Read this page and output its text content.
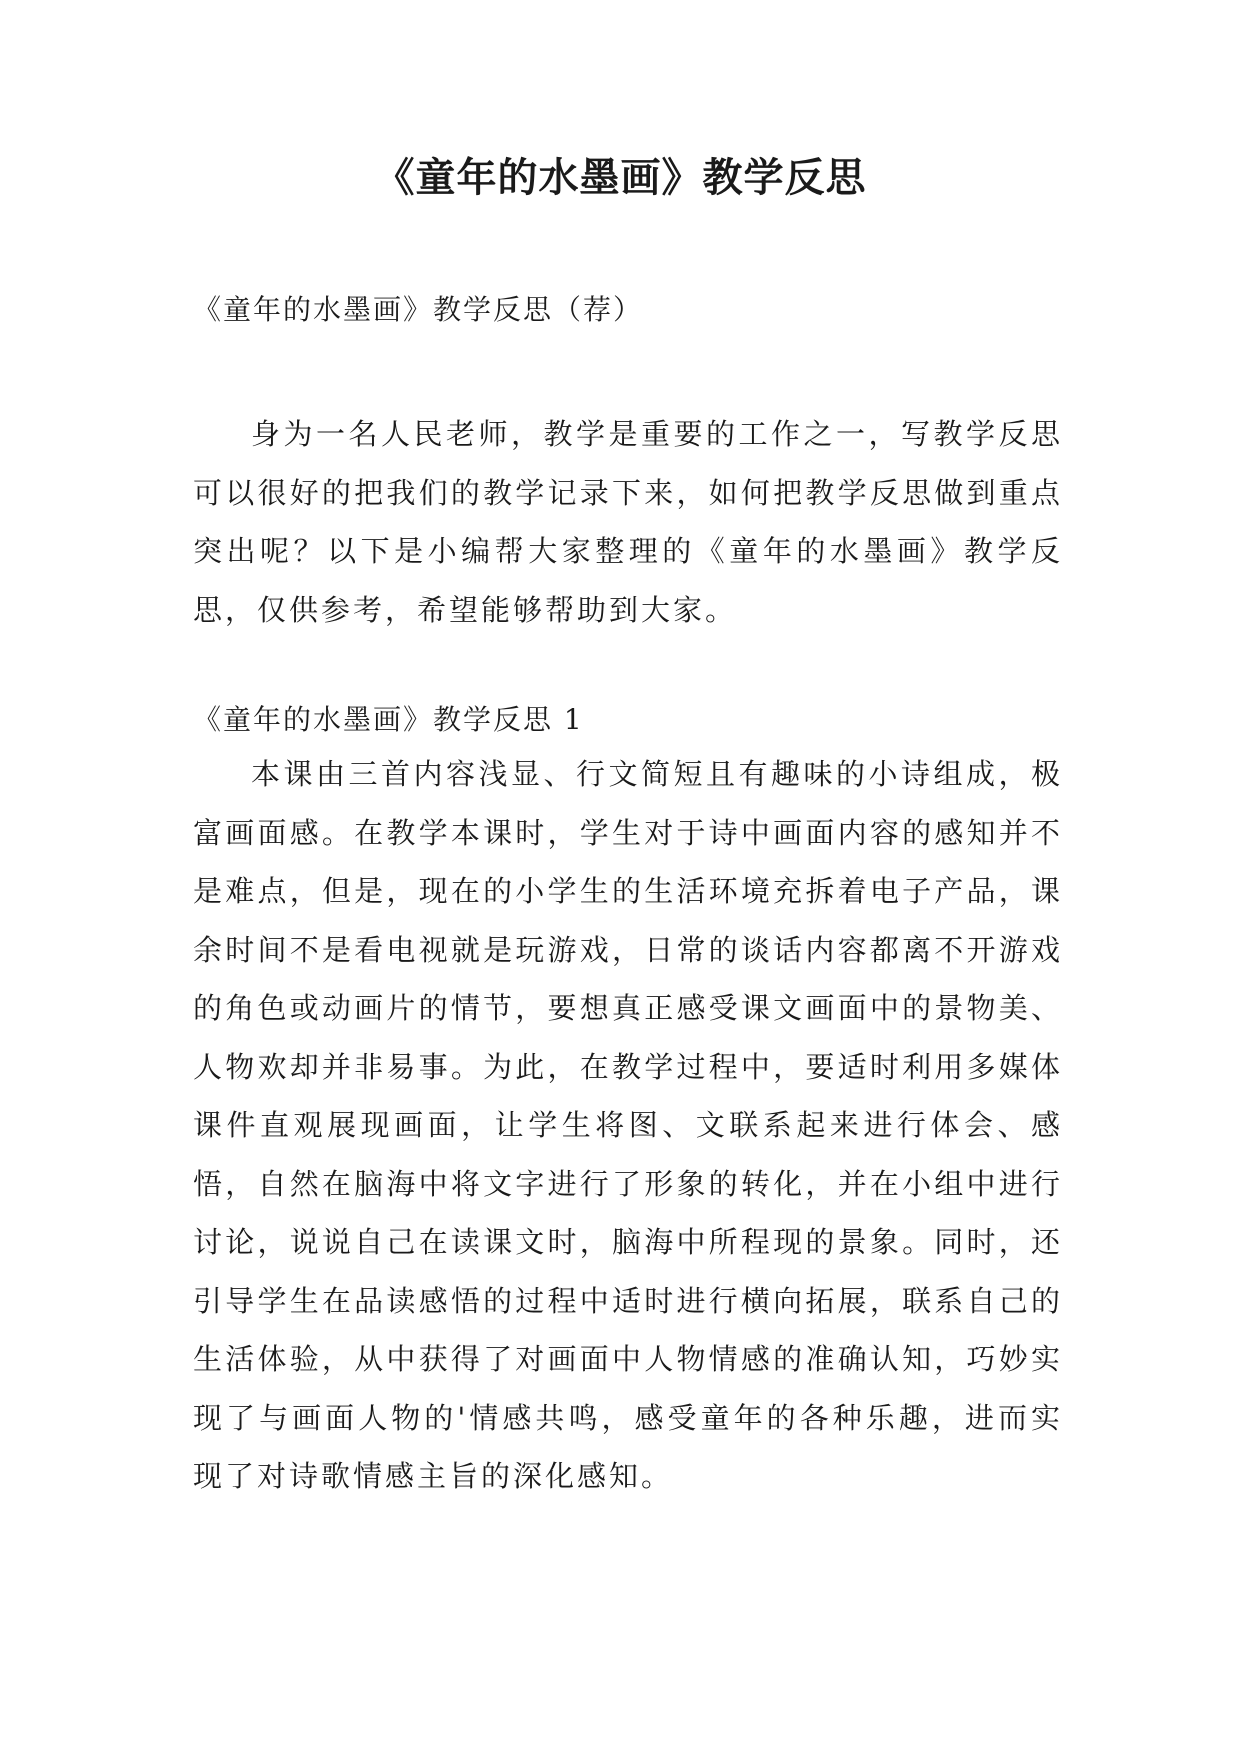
《童年的水墨画》教学反思

《童年的水墨画》教学反思（荐）

身为一名人民老师，教学是重要的工作之一，写教学反思可以很好的把我们的教学记录下来，如何把教学反思做到重点突出呢？以下是小编帮大家整理的《童年的水墨画》教学反思，仅供参考，希望能够帮助到大家。

《童年的水墨画》教学反思 1

本课由三首内容浅显、行文简短且有趣味的小诗组成，极富画面感。在教学本课时，学生对于诗中画面内容的感知并不是难点，但是，现在的小学生的生活环境充拆着电子产品，课余时间不是看电视就是玩游戏，日常的谈话内容都离不开游戏的角色或动画片的情节，要想真正感受课文画面中的景物美、人物欢却并非易事。为此，在教学过程中，要适时利用多媒体课件直观展现画面，让学生将图、文联系起来进行体会、感悟，自然在脑海中将文字进行了形象的转化，并在小组中进行讨论，说说自己在读课文时，脑海中所程现的景象。同时，还引导学生在品读感悟的过程中适时进行横向拓展，联系自己的生活体验，从中获得了对画面中人物情感的准确认知，巧妙实现了与画面人物的'情感共鸣，感受童年的各种乐趣，进而实现了对诗歌情感主旨的深化感知。
